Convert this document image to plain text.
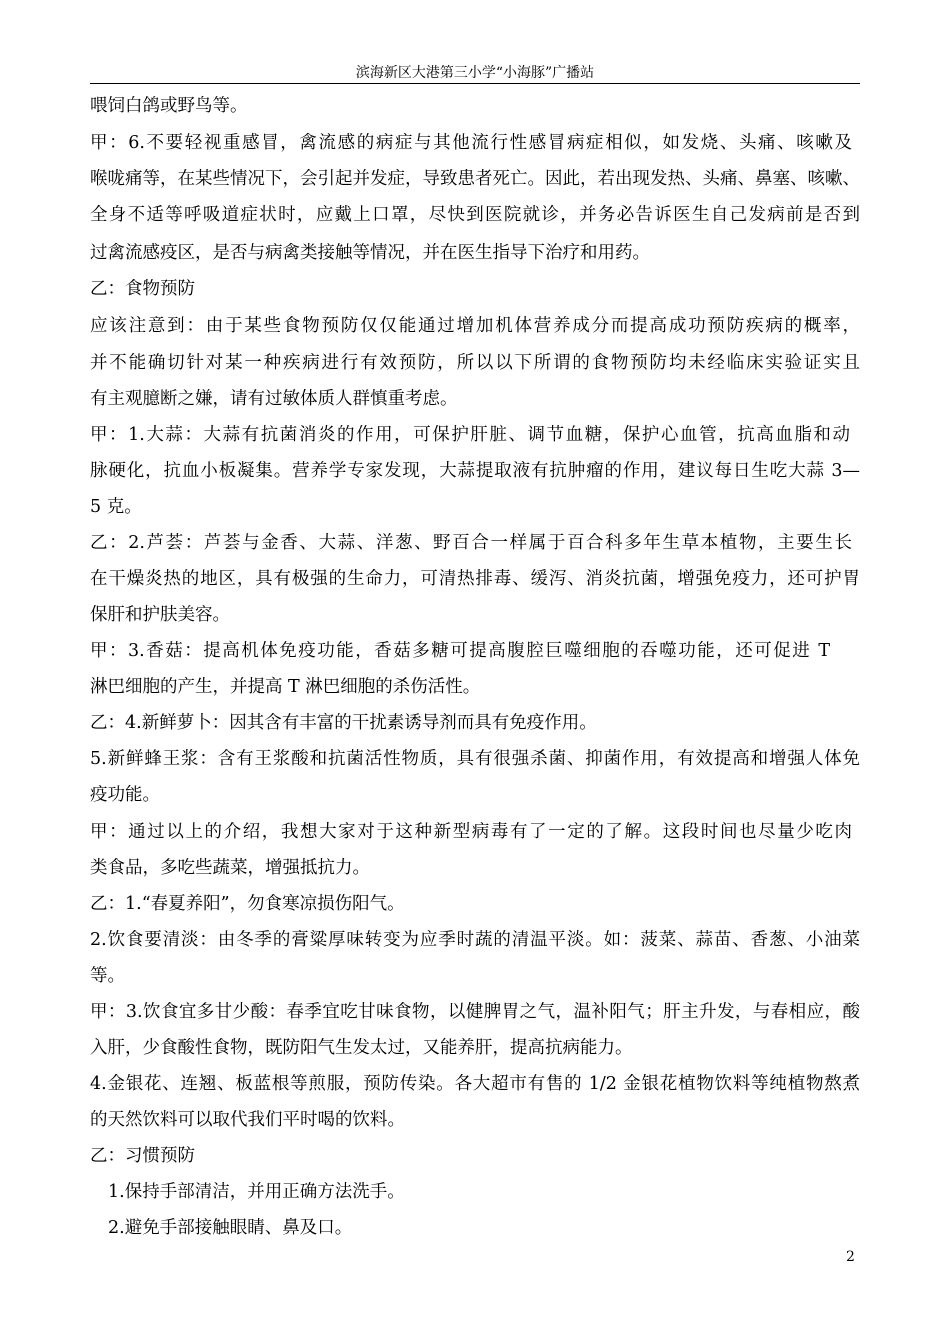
滨海新区大港第三小学“小海豚”广播站
喂饲白鸽或野鸟等。
甲：6.不要轻视重感冒，禽流感的病症与其他流行性感冒病症相似，如发烧、头痛、咳嗽及
喉咙痛等，在某些情况下，会引起并发症，导致患者死亡。因此，若出现发热、头痛、鼻塞、咳嗽、
全身不适等呼吸道症状时，应戴上口罩，尽快到医院就诊，并务必告诉医生自己发病前是否到
过禽流感疫区，是否与病禽类接触等情况，并在医生指导下治疗和用药。
乙：食物预防
应该注意到：由于某些食物预防仅仅能通过增加机体营养成分而提高成功预防疾病的概率，
并不能确切针对某一种疾病进行有效预防，所以以下所谓的食物预防均未经临床实验证实且
有主观臆断之嫌，请有过敏体质人群慎重考虑。
甲：1.大蒜：大蒜有抗菌消炎的作用，可保护肝脏、调节血糖，保护心血管，抗高血脂和动
脉硬化，抗血小板凝集。营养学专家发现，大蒜提取液有抗肿瘤的作用，建议每日生吃大蒜 3—
5 克。
乙：2.芦荟：芦荟与金香、大蒜、洋葱、野百合一样属于百合科多年生草本植物，主要生长
在干燥炎热的地区，具有极强的生命力，可清热排毒、缓泻、消炎抗菌，增强免疫力，还可护胃
保肝和护肤美容。
甲：3.香菇：提高机体免疫功能，香菇多糖可提高腹腔巨噬细胞的吞噬功能，还可促进 T
淋巴细胞的产生，并提高 T 淋巴细胞的杀伤活性。
乙：4.新鲜萝卜：因其含有丰富的干扰素诱导剂而具有免疫作用。
5.新鲜蜂王浆：含有王浆酸和抗菌活性物质，具有很强杀菌、抑菌作用，有效提高和增强人体免
疫功能。
甲：通过以上的介绍，我想大家对于这种新型病毒有了一定的了解。这段时间也尽量少吃肉
类食品，多吃些蔬菜，增强抵抗力。
乙：1.“春夏养阳”，勿食寒凉损伤阳气。
2.饮食要清淡：由冬季的膏粱厚味转变为应季时蔬的清温平淡。如：菠菜、蒜苗、香葱、小油菜
等。
甲：3.饮食宜多甘少酸：春季宜吃甘味食物，以健脾胃之气，温补阳气；肝主升发，与春相应，酸
入肝，少食酸性食物，既防阳气生发太过，又能养肝，提高抗病能力。
4.金银花、连翘、板蓝根等煎服，预防传染。各大超市有售的 1/2 金银花植物饮料等纯植物熬煮
的天然饮料可以取代我们平时喝的饮料。
乙：习惯预防
1.保持手部清洁，并用正确方法洗手。
2.避免手部接触眼睛、鼻及口。
2
